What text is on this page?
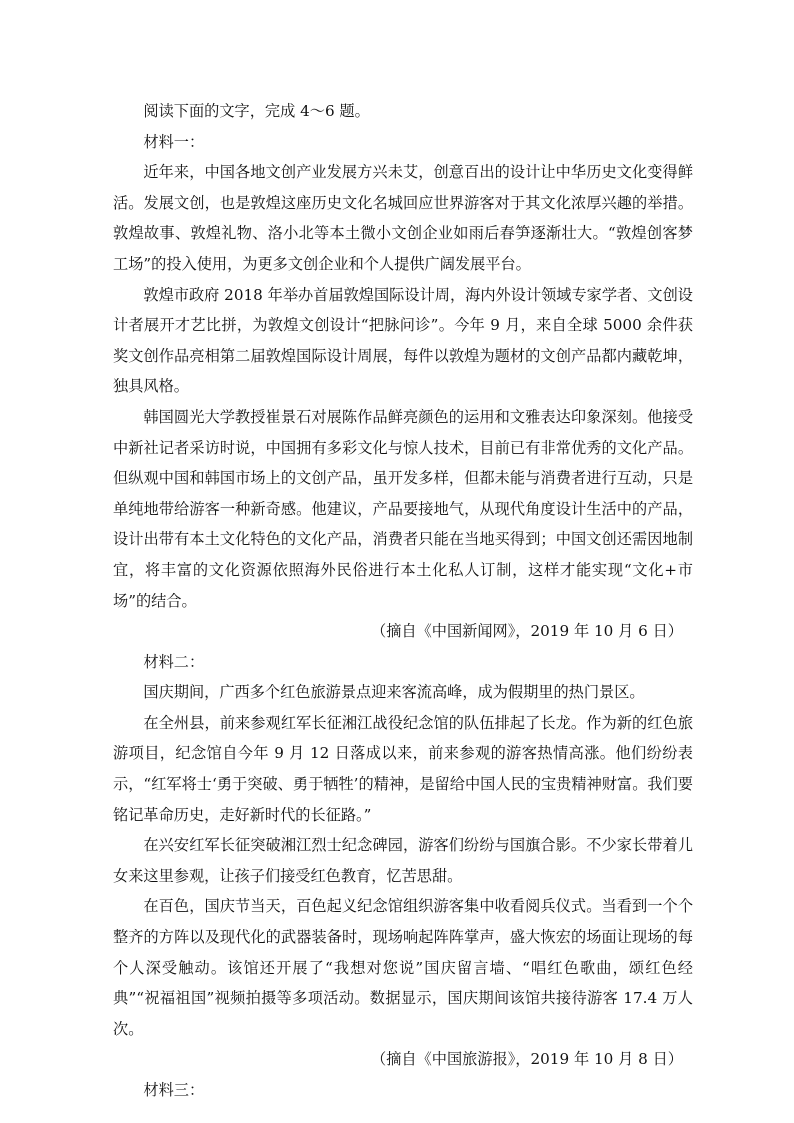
阅读下面的文字，完成 4～6 题。

材料一：

近年来，中国各地文创产业发展方兴未艾，创意百出的设计让中华历史文化变得鲜活。发展文创，也是敦煌这座历史文化名城回应世界游客对于其文化浓厚兴趣的举措。敦煌故事、敦煌礼物、洛小北等本土微小文创企业如雨后春笋逐渐壮大。“敦煌创客梦工场”的投入使用，为更多文创企业和个人提供广阔发展平台。

敦煌市政府 2018 年举办首届敦煌国际设计周，海内外设计领域专家学者、文创设计者展开才艺比拼，为敦煌文创设计“把脉问诊”。今年 9 月，来自全球 5000 余件获奖文创作品亮相第二届敦煌国际设计周展，每件以敦煌为题材的文创产品都内藏乾坤，独具风格。

韩国圆光大学教授崔景石对展陈作品鲜亮颜色的运用和文雅表达印象深刻。他接受中新社记者采访时说，中国拥有多彩文化与惊人技术，目前已有非常优秀的文化产品。但纵观中国和韩国市场上的文创产品，虽开发多样，但都未能与消费者进行互动，只是单纯地带给游客一种新奇感。他建议，产品要接地气，从现代角度设计生活中的产品，设计出带有本土文化特色的文化产品，消费者只能在当地买得到；中国文创还需因地制宜，将丰富的文化资源依照海外民俗进行本土化私人订制，这样才能实现“文化+市场”的结合。

（摘自《中国新闻网》，2019 年 10 月 6 日）

材料二：

国庆期间，广西多个红色旅游景点迎来客流高峰，成为假期里的热门景区。

在全州县，前来参观红军长征湘江战役纪念馆的队伍排起了长龙。作为新的红色旅游项目，纪念馆自今年 9 月 12 日落成以来，前来参观的游客热情高涨。他们纷纷表示，“红军将士‘勇于突破、勇于牺牲’的精神，是留给中国人民的宝贵精神财富。我们要铭记革命历史，走好新时代的长征路。”

在兴安红军长征突破湘江烈士纪念碑园，游客们纷纷与国旗合影。不少家长带着儿女来这里参观，让孩子们接受红色教育，忆苦思甜。

在百色，国庆节当天，百色起义纪念馆组织游客集中收看阅兵仪式。当看到一个个整齐的方阵以及现代化的武器装备时，现场响起阵阵掌声，盛大恢宏的场面让现场的每个人深受触动。该馆还开展了“我想对您说”国庆留言墙、“唱红色歌曲，颂红色经典”“祝福祖国”视频拍摄等多项活动。数据显示，国庆期间该馆共接待游客 17.4 万人次。

（摘自《中国旅游报》，2019 年 10 月 8 日）

材料三：
